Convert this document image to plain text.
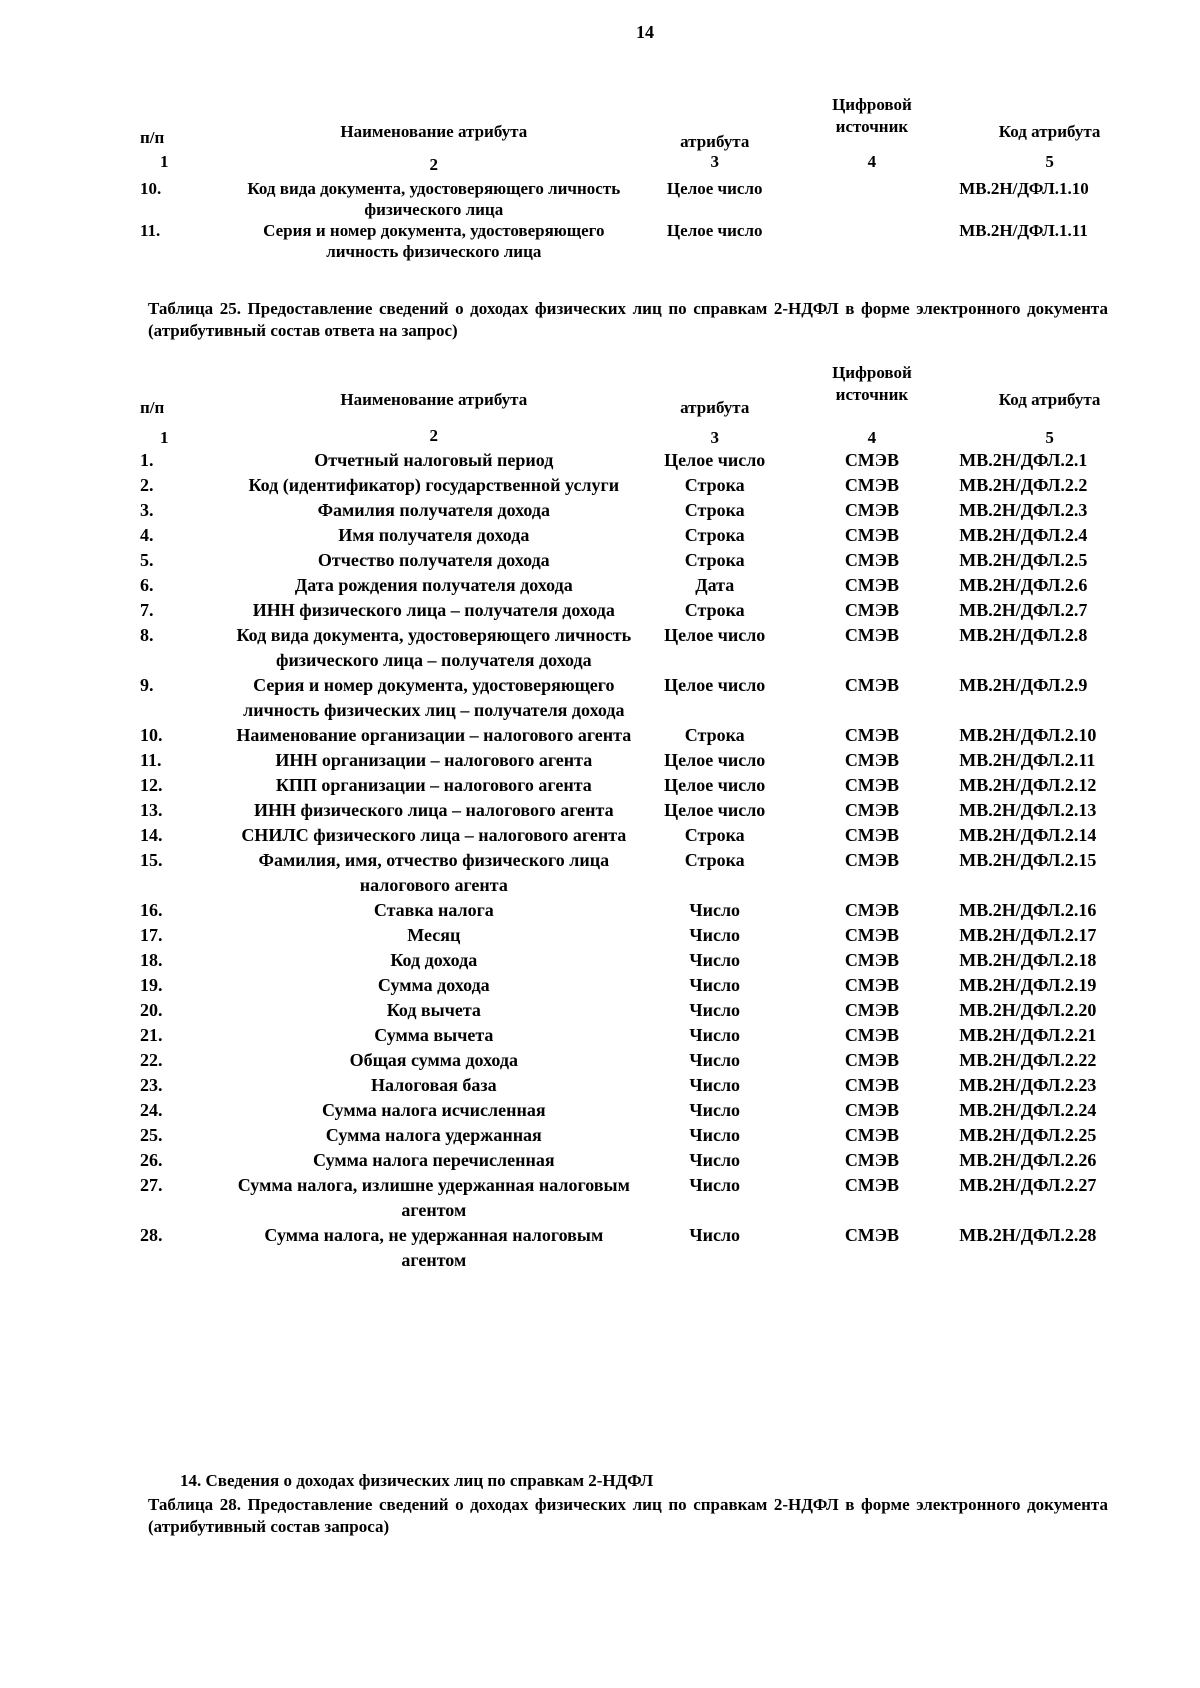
14
п/п	Наименование атрибута	атрибута	Цифровой источник	Код атрибута
1	2	3	4	5
10.	Код вида документа, удостоверяющего личность физического лица	Целое число		МВ.2Н/ДФЛ.1.10
11.	Серия и номер документа, удостоверяющего личность физического лица	Целое число		МВ.2Н/ДФЛ.1.11
Таблица 25. Предоставление сведений о доходах физических лиц по справкам 2-НДФЛ в форме электронного документа (атрибутивный состав ответа на запрос)
п/п	Наименование атрибута	атрибута	Цифровой источник	Код атрибута
1	2	3	4	5
1.	Отчетный налоговый период	Целое число	СМЭВ	МВ.2Н/ДФЛ.2.1
2.	Код (идентификатор) государственной услуги	Строка	СМЭВ	МВ.2Н/ДФЛ.2.2
3.	Фамилия получателя дохода	Строка	СМЭВ	МВ.2Н/ДФЛ.2.3
4.	Имя получателя дохода	Строка	СМЭВ	МВ.2Н/ДФЛ.2.4
5.	Отчество получателя дохода	Строка	СМЭВ	МВ.2Н/ДФЛ.2.5
6.	Дата рождения получателя дохода	Дата	СМЭВ	МВ.2Н/ДФЛ.2.6
7.	ИНН физического лица – получателя дохода	Строка	СМЭВ	МВ.2Н/ДФЛ.2.7
8.	Код вида документа, удостоверяющего личность физического лица – получателя дохода	Целое число	СМЭВ	МВ.2Н/ДФЛ.2.8
9.	Серия и номер документа, удостоверяющего личность физических лиц – получателя дохода	Целое число	СМЭВ	МВ.2Н/ДФЛ.2.9
10.	Наименование организации – налогового агента	Строка	СМЭВ	МВ.2Н/ДФЛ.2.10
11.	ИНН организации – налогового агента	Целое число	СМЭВ	МВ.2Н/ДФЛ.2.11
12.	КПП организации – налогового агента	Целое число	СМЭВ	МВ.2Н/ДФЛ.2.12
13.	ИНН физического лица – налогового агента	Целое число	СМЭВ	МВ.2Н/ДФЛ.2.13
14.	СНИЛС физического лица – налогового агента	Строка	СМЭВ	МВ.2Н/ДФЛ.2.14
15.	Фамилия, имя, отчество физического лица налогового агента	Строка	СМЭВ	МВ.2Н/ДФЛ.2.15
16.	Ставка налога	Число	СМЭВ	МВ.2Н/ДФЛ.2.16
17.	Месяц	Число	СМЭВ	МВ.2Н/ДФЛ.2.17
18.	Код дохода	Число	СМЭВ	МВ.2Н/ДФЛ.2.18
19.	Сумма дохода	Число	СМЭВ	МВ.2Н/ДФЛ.2.19
20.	Код вычета	Число	СМЭВ	МВ.2Н/ДФЛ.2.20
21.	Сумма вычета	Число	СМЭВ	МВ.2Н/ДФЛ.2.21
22.	Общая сумма дохода	Число	СМЭВ	МВ.2Н/ДФЛ.2.22
23.	Налоговая база	Число	СМЭВ	МВ.2Н/ДФЛ.2.23
24.	Сумма налога исчисленная	Число	СМЭВ	МВ.2Н/ДФЛ.2.24
25.	Сумма налога удержанная	Число	СМЭВ	МВ.2Н/ДФЛ.2.25
26.	Сумма налога перечисленная	Число	СМЭВ	МВ.2Н/ДФЛ.2.26
27.	Сумма налога, излишне удержанная налоговым агентом	Число	СМЭВ	МВ.2Н/ДФЛ.2.27
28.	Сумма налога, не удержанная налоговым агентом	Число	СМЭВ	МВ.2Н/ДФЛ.2.28
14. Сведения о доходах физических лиц по справкам 2-НДФЛ
Таблица 28. Предоставление сведений о доходах физических лиц по справкам 2-НДФЛ в форме электронного документа (атрибутивный состав запроса)
